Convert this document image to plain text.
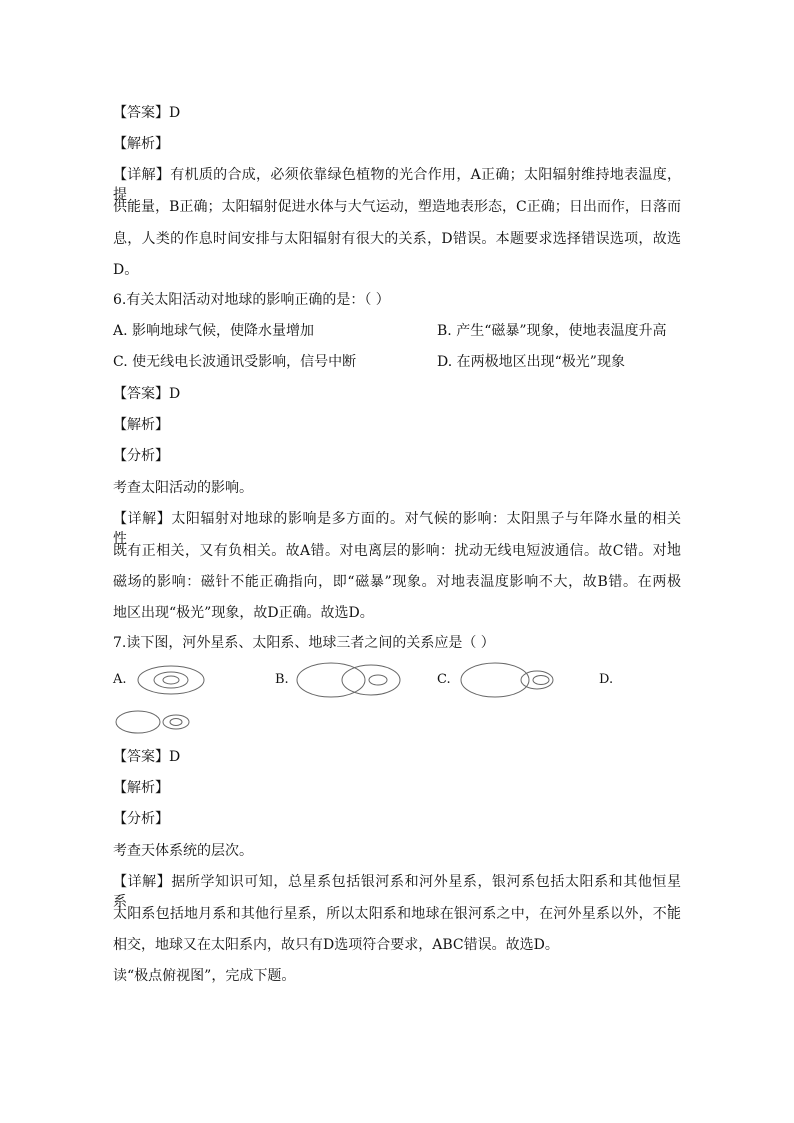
【答案】D
【解析】
【详解】有机质的合成，必须依靠绿色植物的光合作用，A正确；太阳辐射维持地表温度，提
供能量，B正确；太阳辐射促进水体与大气运动，塑造地表形态，C正确；日出而作，日落而
息，人类的作息时间安排与太阳辐射有很大的关系，D错误。本题要求选择错误选项，故选
D。
6.有关太阳活动对地球的影响正确的是：（ ）
A. 影响地球气候，使降水量增加	B. 产生“磁暴”现象，使地表温度升高
C. 使无线电长波通讯受影响，信号中断	D. 在两极地区出现“极光”现象
【答案】D
【解析】
【分析】
考查太阳活动的影响。
【详解】太阳辐射对地球的影响是多方面的。对气候的影响：太阳黑子与年降水量的相关性，
既有正相关，又有负相关。故A错。对电离层的影响：扰动无线电短波通信。故C错。对地
磁场的影响：磁针不能正确指向，即“磁暴”现象。对地表温度影响不大，故B错。在两极
地区出现“极光”现象，故D正确。故选D。
7.读下图，河外星系、太阳系、地球三者之间的关系应是（ ）
A.	B.	C.	D.
【答案】D
【解析】
【分析】
考查天体系统的层次。
【详解】据所学知识可知，总星系包括银河系和河外星系，银河系包括太阳系和其他恒星系，
太阳系包括地月系和其他行星系，所以太阳系和地球在银河系之中，在河外星系以外，不能
相交，地球又在太阳系内，故只有D选项符合要求，ABC错误。故选D。
读“极点俯视图”，完成下题。
